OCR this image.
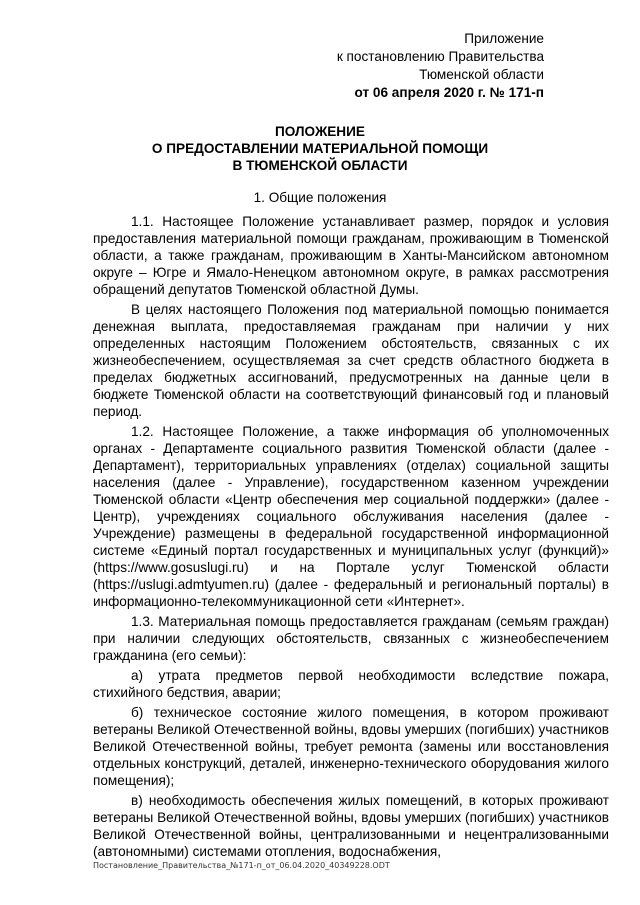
Приложение
к постановлению Правительства
Тюменской области
от 06 апреля 2020 г. № 171-п
ПОЛОЖЕНИЕ
О ПРЕДОСТАВЛЕНИИ МАТЕРИАЛЬНОЙ ПОМОЩИ
В ТЮМЕНСКОЙ ОБЛАСТИ
1. Общие положения

1.1. Настоящее Положение устанавливает размер, порядок и условия предоставления материальной помощи гражданам, проживающим в Тюменской области, а также гражданам, проживающим в Ханты-Мансийском автономном округе – Югре и Ямало-Ненецком автономном округе, в рамках рассмотрения обращений депутатов Тюменской областной Думы.

В целях настоящего Положения под материальной помощью понимается денежная выплата, предоставляемая гражданам при наличии у них определенных настоящим Положением обстоятельств, связанных с их жизнеобеспечением, осуществляемая за счет средств областного бюджета в пределах бюджетных ассигнований, предусмотренных на данные цели в бюджете Тюменской области на соответствующий финансовый год и плановый период.

1.2. Настоящее Положение, а также информация об уполномоченных органах - Департаменте социального развития Тюменской области (далее - Департамент), территориальных управлениях (отделах) социальной защиты населения (далее - Управление), государственном казенном учреждении Тюменской области «Центр обеспечения мер социальной поддержки» (далее - Центр), учреждениях социального обслуживания населения (далее - Учреждение) размещены в федеральной государственной информационной системе «Единый портал государственных и муниципальных услуг (функций)» (https://www.gosuslugi.ru) и на Портале услуг Тюменской области (https://uslugi.admtyumen.ru) (далее - федеральный и региональный порталы) в информационно-телекоммуникационной сети «Интернет».

1.3. Материальная помощь предоставляется гражданам (семьям граждан) при наличии следующих обстоятельств, связанных с жизнеобеспечением гражданина (его семьи):

а) утрата предметов первой необходимости вследствие пожара, стихийного бедствия, аварии;

б) техническое состояние жилого помещения, в котором проживают ветераны Великой Отечественной войны, вдовы умерших (погибших) участников Великой Отечественной войны, требует ремонта (замены или восстановления отдельных конструкций, деталей, инженерно-технического оборудования жилого помещения);

в) необходимость обеспечения жилых помещений, в которых проживают ветераны Великой Отечественной войны, вдовы умерших (погибших) участников Великой Отечественной войны, централизованными и нецентрализованными (автономными) системами отопления, водоснабжения,

Постановление_Правительства_№171-п_от_06.04.2020_40349228.ODT
